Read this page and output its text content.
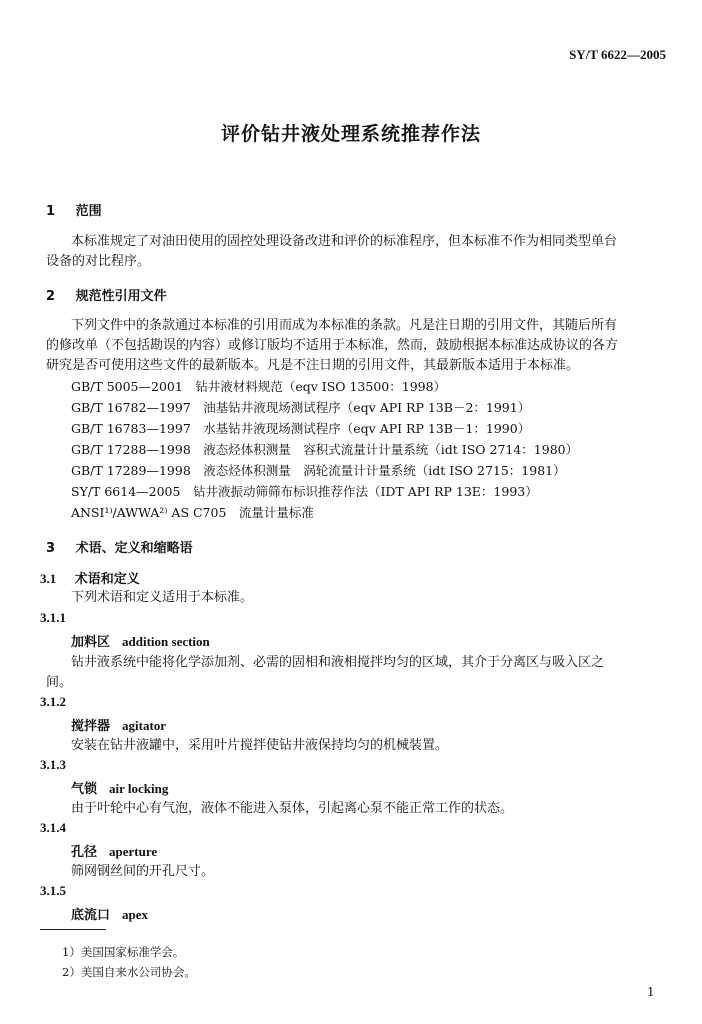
SY/T 6622—2005
评价钻井液处理系统推荐作法
1 范围
本标准规定了对油田使用的固控处理设备改进和评价的标准程序，但本标准不作为相同类型单台
设备的对比程序。
2 规范性引用文件
下列文件中的条款通过本标准的引用而成为本标准的条款。凡是注日期的引用文件，其随后所有
的修改单（不包括勘误的内容）或修订版均不适用于本标准，然而，鼓励根据本标准达成协议的各方
研究是否可使用这些文件的最新版本。凡是不注日期的引用文件，其最新版本适用于本标准。
GB/T 5005—2001　钻井液材料规范（eqv ISO 13500：1998）
GB/T 16782—1997　油基钻井液现场测试程序（eqv API RP 13B－2：1991）
GB/T 16783—1997　水基钻井液现场测试程序（eqv API RP 13B－1：1990）
GB/T 17288—1998　液态烃体积测量　容积式流量计计量系统（idt ISO 2714：1980）
GB/T 17289—1998　液态烃体积测量　涡轮流量计计量系统（idt ISO 2715：1981）
SY/T 6614—2005　钻井液振动筛筛布标识推荐作法（IDT API RP 13E：1993）
ANSI¹⁾/AWWA²⁾ AS C705　流量计量标准
3 术语、定义和缩略语
3.1 术语和定义
下列术语和定义适用于本标准。
3.1.1
加料区 addition section
钻井液系统中能将化学添加剂、必需的固相和液相搅拌均匀的区域，其介于分离区与吸入区之
间。
3.1.2
搅拌器 agitator
安装在钻井液罐中，采用叶片搅拌使钻井液保持均匀的机械装置。
3.1.3
气锁 air locking
由于叶轮中心有气泡，液体不能进入泵体，引起离心泵不能正常工作的状态。
3.1.4
孔径 aperture
筛网钢丝间的开孔尺寸。
3.1.5
底流口 apex
1）美国国家标准学会。
2）美国自来水公司协会。
1
